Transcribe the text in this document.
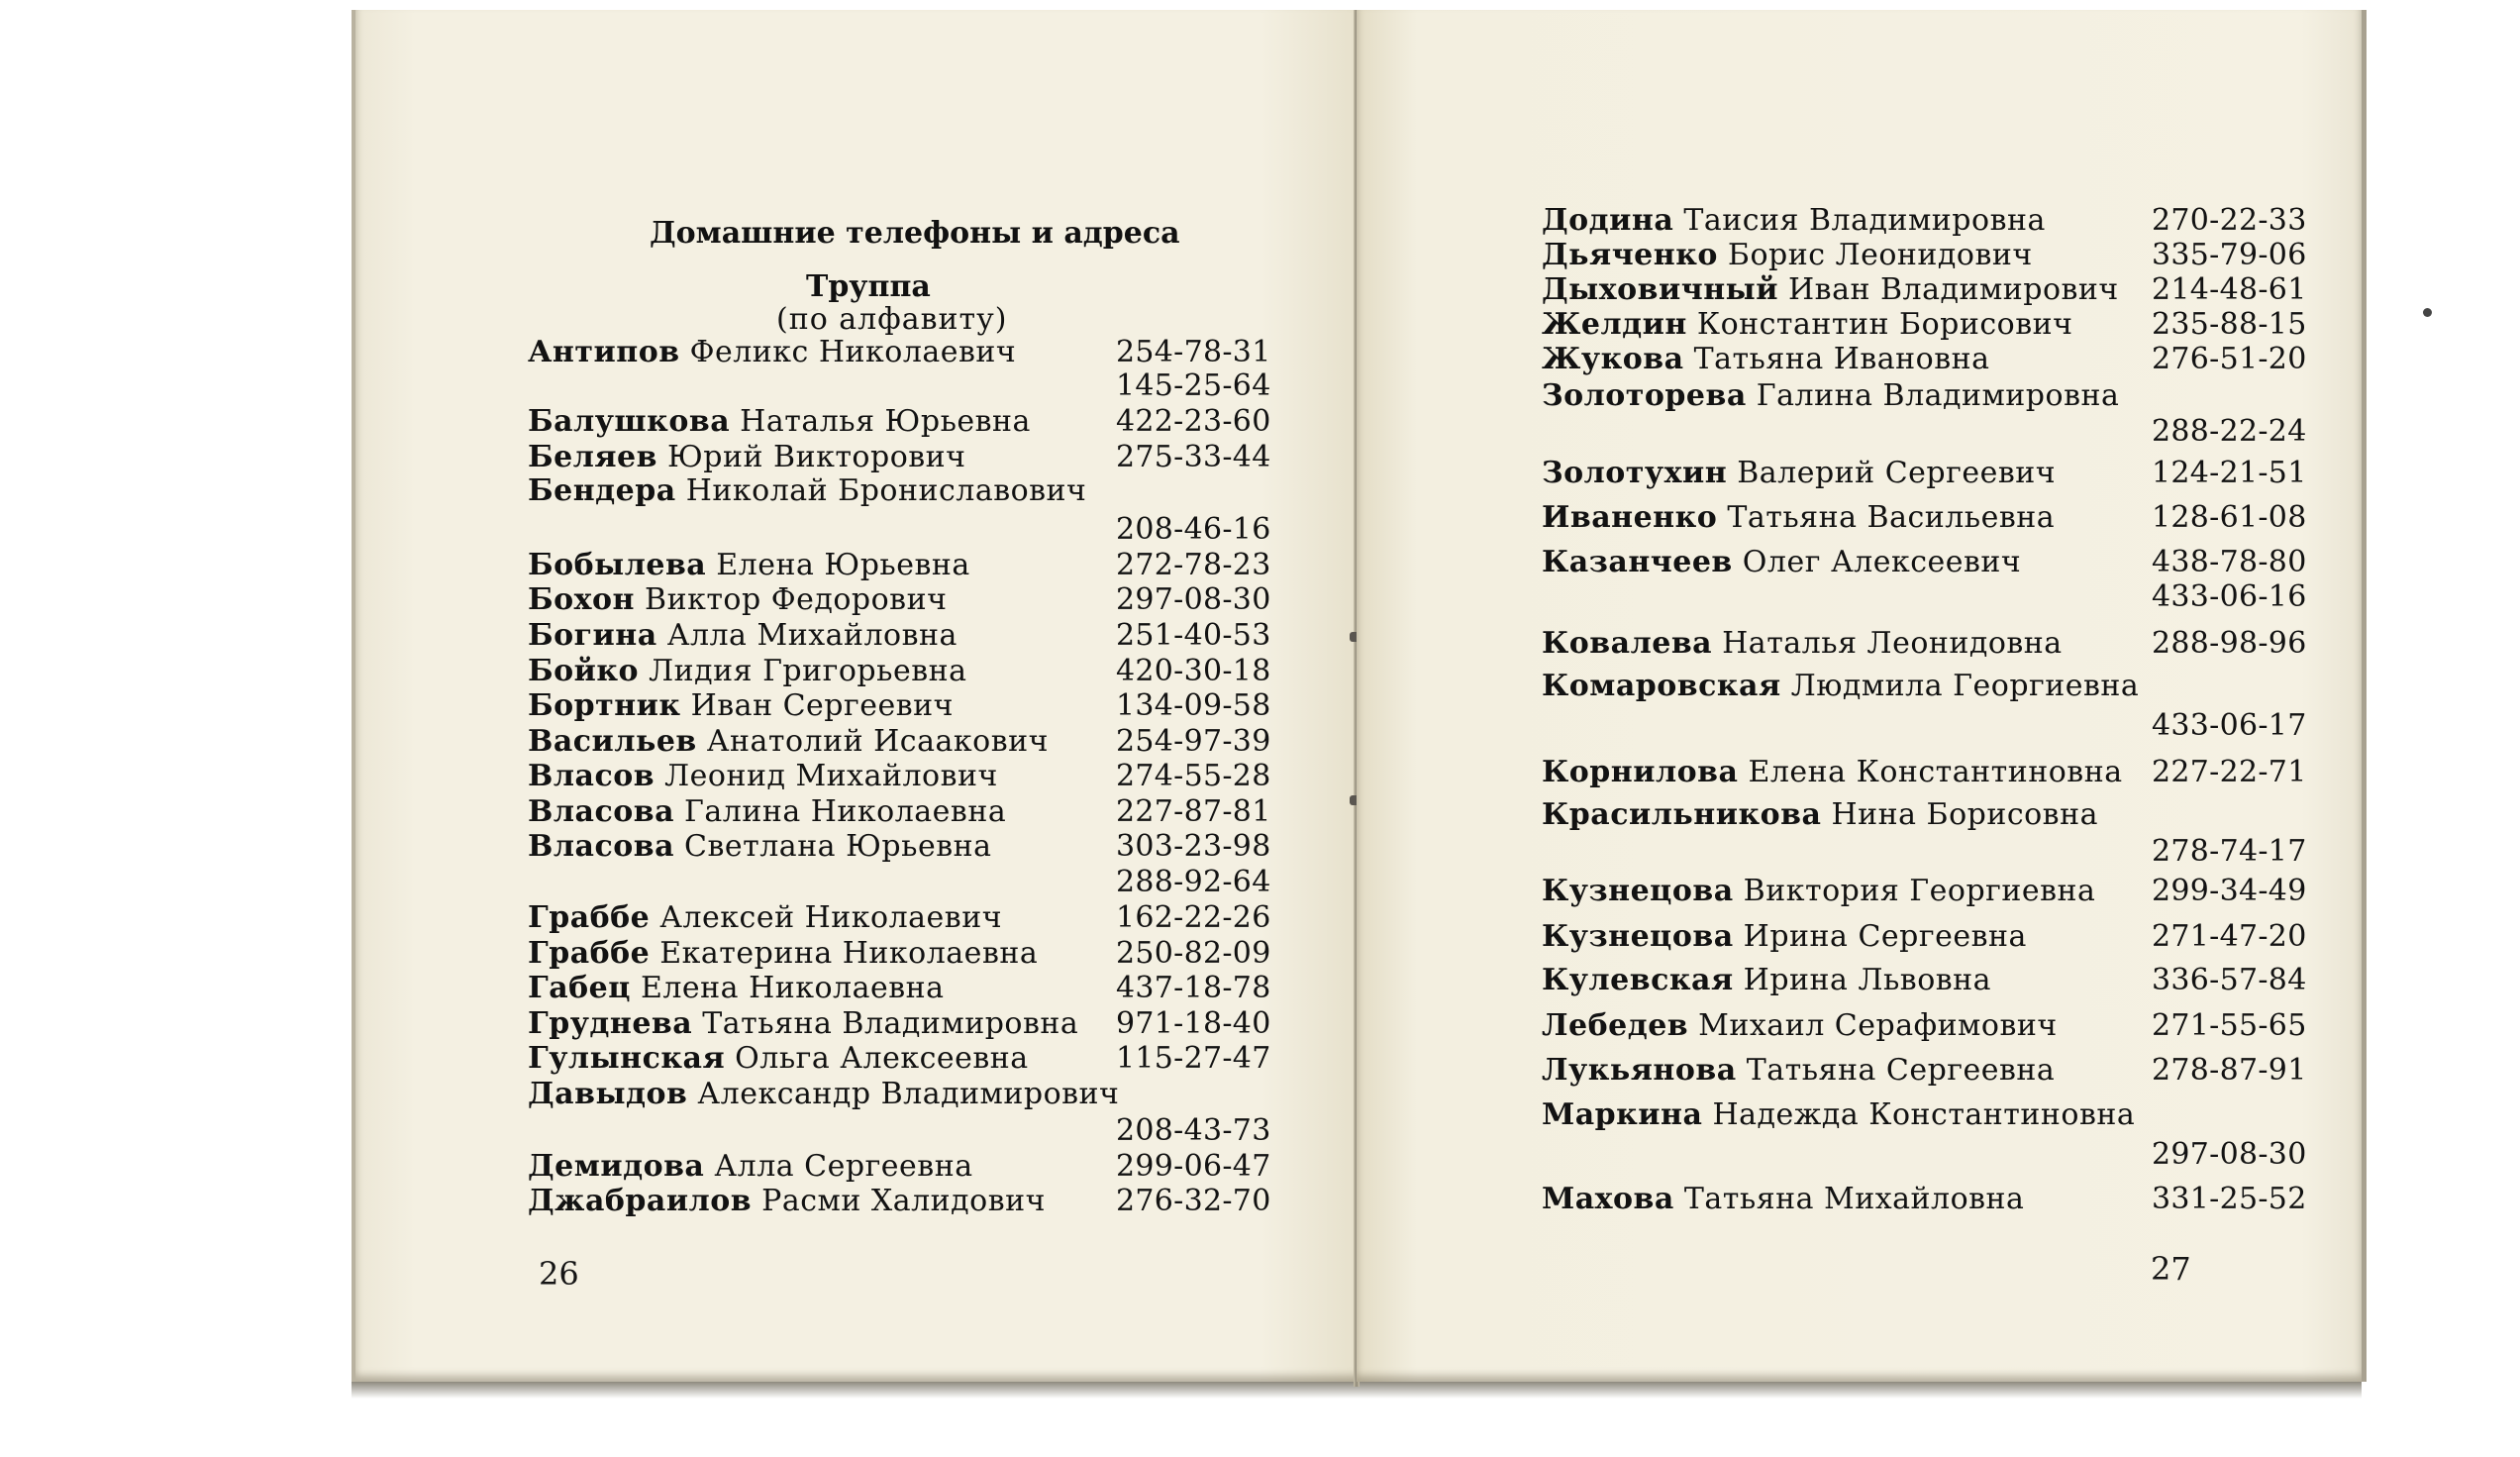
Домашние телефоны и адреса
Труппа
(по алфавиту)
Антипов Феликс Николаевич	254-78-31
145-25-64
Балушкова Наталья Юрьевна	422-23-60
Беляев Юрий Викторович	275-33-44
Бендера Николай Брониславович
208-46-16
Бобылева Елена Юрьевна	272-78-23
Бохон Виктор Федорович	297-08-30
Богина Алла Михайловна	251-40-53
Бойко Лидия Григорьевна	420-30-18
Бортник Иван Сергеевич	134-09-58
Васильев Анатолий Исаакович 254-97-39
Власов Леонид Михайлович	274-55-28
Власова Галина Николаевна	227-87-81
Власова Светлана Юрьевна	303-23-98
288-92-64
Граббе Алексей Николаевич	162-22-26
Граббе Екатерина Николаевна	250-82-09
Габец Елена Николаевна	437-18-78
Груднева Татьяна Владимировна 971-18-40
Гулынская Ольга Алексеевна	115-27-47
Давыдов Александр Владимирович
208-43-73
Демидова Алла Сергеевна	299-06-47
Джабраилов Расми Халидович 276-32-70
26
Додина Таисия Владимировна	270-22-33
Дьяченко Борис Леонидович	335-79-06
Дыховичный Иван Владимирович 214-48-61
Желдин Константин Борисович	235-88-15
Жукова Татьяна Ивановна	276-51-20
Золоторева Галина Владимировна
288-22-24
Золотухин Валерий Сергеевич	124-21-51
Иваненко Татьяна Васильевна	128-61-08
Казанчеев Олег Алексеевич	438-78-80
433-06-16
Ковалева Наталья Леонидовна	288-98-96
Комаровская Людмила Георгиевна
433-06-17
Корнилова Елена Константиновна 227-22-71
Красильникова Нина Борисовна
278-74-17
Кузнецова Виктория Георгиевна 299-34-49
Кузнецова Ирина Сергеевна	271-47-20
Кулевская Ирина Львовна	336-57-84
Лебедев Михаил Серафимович	271-55-65
Лукьянова Татьяна Сергеевна	278-87-91
Маркина Надежда Константиновна
297-08-30
Махова Татьяна Михайловна	331-25-52
27
